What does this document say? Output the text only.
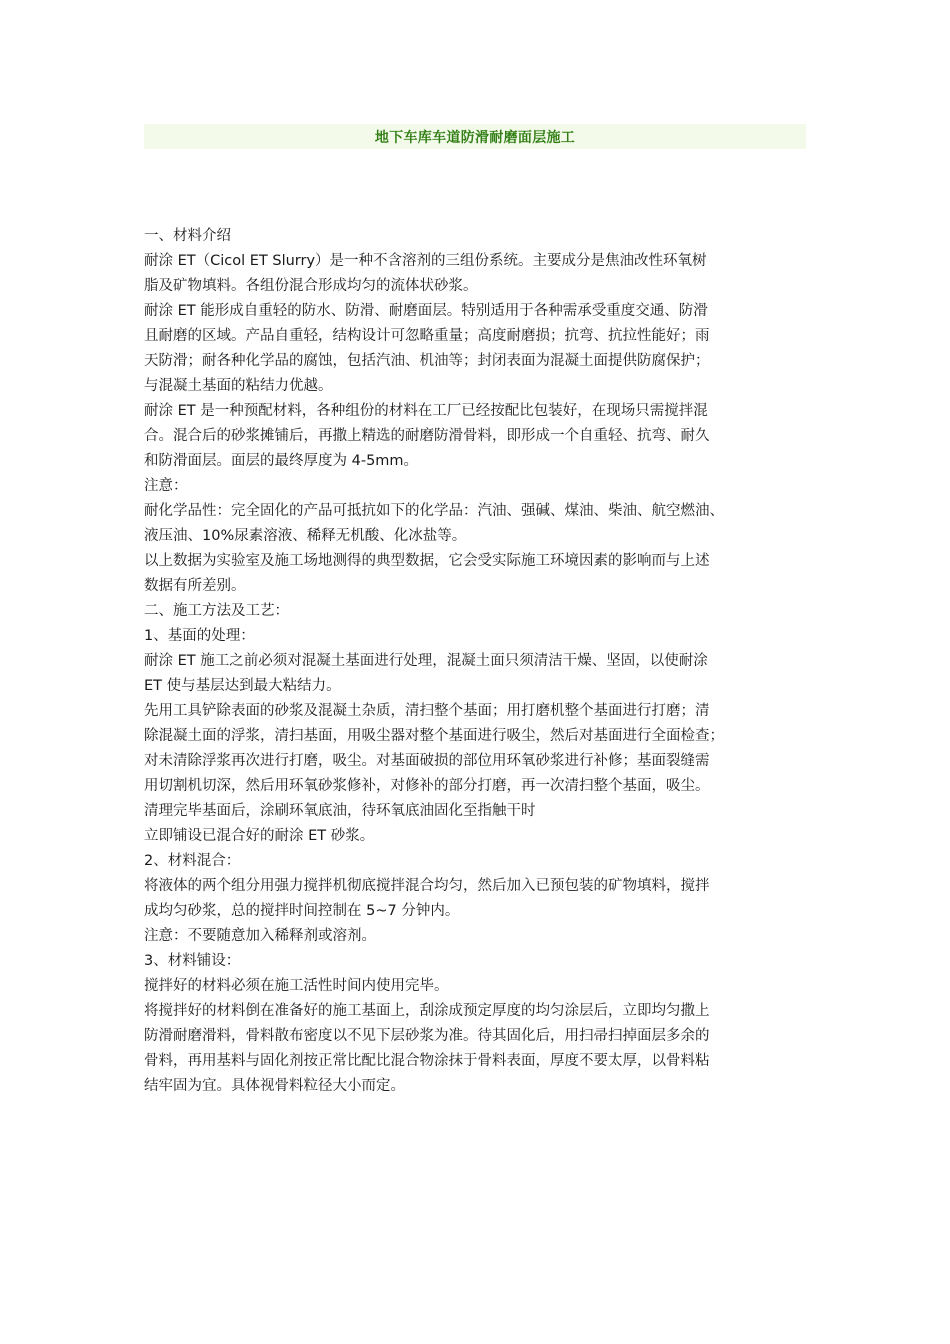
地下车库车道防滑耐磨面层施工
一、材料介绍
耐涂 ET（Cicol ET Slurry）是一种不含溶剂的三组份系统。主要成分是焦油改性环氧树
脂及矿物填料。各组份混合形成均匀的流体状砂浆。
耐涂 ET 能形成自重轻的防水、防滑、耐磨面层。特别适用于各种需承受重度交通、防滑
且耐磨的区域。产品自重轻，结构设计可忽略重量；高度耐磨损；抗弯、抗拉性能好；雨
天防滑；耐各种化学品的腐蚀，包括汽油、机油等；封闭表面为混凝土面提供防腐保护；
与混凝土基面的粘结力优越。
耐涂 ET 是一种预配材料，各种组份的材料在工厂已经按配比包装好，在现场只需搅拌混
合。混合后的砂浆摊铺后，再撒上精选的耐磨防滑骨料，即形成一个自重轻、抗弯、耐久
和防滑面层。面层的最终厚度为 4-5mm。
注意：
耐化学品性：完全固化的产品可抵抗如下的化学品：汽油、强碱、煤油、柴油、航空燃油、
液压油、10%尿素溶液、稀释无机酸、化冰盐等。
以上数据为实验室及施工场地测得的典型数据，它会受实际施工环境因素的影响而与上述
数据有所差别。
二、施工方法及工艺：
1、基面的处理：
耐涂 ET 施工之前必须对混凝土基面进行处理，混凝土面只须清洁干燥、坚固，以使耐涂
ET 使与基层达到最大粘结力。
先用工具铲除表面的砂浆及混凝土杂质，清扫整个基面；用打磨机整个基面进行打磨；清
除混凝土面的浮浆，清扫基面，用吸尘器对整个基面进行吸尘，然后对基面进行全面检查；
对未清除浮浆再次进行打磨，吸尘。对基面破损的部位用环氧砂浆进行补修；基面裂缝需
用切割机切深，然后用环氧砂浆修补，对修补的部分打磨，再一次清扫整个基面，吸尘。
清理完毕基面后，涂刷环氧底油，待环氧底油固化至指触干时
立即铺设已混合好的耐涂 ET 砂浆。
2、材料混合：
将液体的两个组分用强力搅拌机彻底搅拌混合均匀，然后加入已预包装的矿物填料，搅拌
成均匀砂浆，总的搅拌时间控制在 5~7 分钟内。
注意：不要随意加入稀释剂或溶剂。
3、材料铺设：
搅拌好的材料必须在施工活性时间内使用完毕。
将搅拌好的材料倒在准备好的施工基面上，刮涂成预定厚度的均匀涂层后，立即均匀撒上
防滑耐磨滑料，骨料散布密度以不见下层砂浆为准。待其固化后，用扫帚扫掉面层多余的
骨料，再用基料与固化剂按正常比配比混合物涂抹于骨料表面，厚度不要太厚，以骨料粘
结牢固为宜。具体视骨料粒径大小而定。
